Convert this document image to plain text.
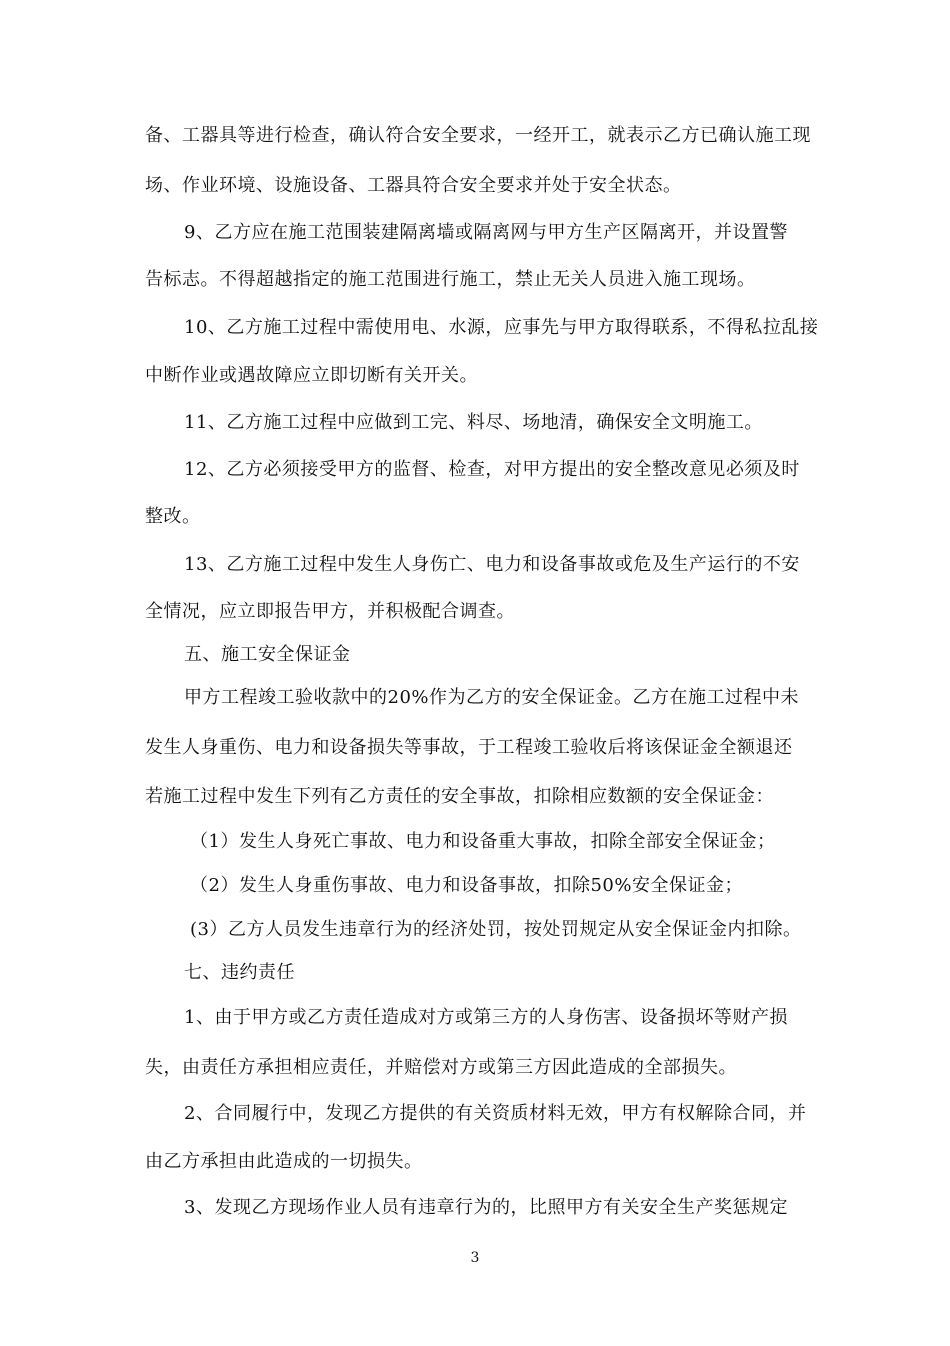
备、工器具等进行检查，确认符合安全要求，一经开工，就表示乙方已确认施工现
场、作业环境、设施设备、工器具符合安全要求并处于安全状态。
9、乙方应在施工范围装建隔离墙或隔离网与甲方生产区隔离开，并设置警
告标志。不得超越指定的施工范围进行施工，禁止无关人员进入施工现场。
10、乙方施工过程中需使用电、水源，应事先与甲方取得联系，不得私拉乱接
中断作业或遇故障应立即切断有关开关。
11、乙方施工过程中应做到工完、料尽、场地清，确保安全文明施工。
12、乙方必须接受甲方的监督、检查，对甲方提出的安全整改意见必须及时
整改。
13、乙方施工过程中发生人身伤亡、电力和设备事故或危及生产运行的不安
全情况，应立即报告甲方，并积极配合调查。
五、施工安全保证金
甲方工程竣工验收款中的20%作为乙方的安全保证金。乙方在施工过程中未
发生人身重伤、电力和设备损失等事故，于工程竣工验收后将该保证金全额退还
若施工过程中发生下列有乙方责任的安全事故，扣除相应数额的安全保证金：
（1）发生人身死亡事故、电力和设备重大事故，扣除全部安全保证金；
（2）发生人身重伤事故、电力和设备事故，扣除50%安全保证金；
(3）乙方人员发生违章行为的经济处罚，按处罚规定从安全保证金内扣除。
七、违约责任
1、由于甲方或乙方责任造成对方或第三方的人身伤害、设备损坏等财产损
失，由责任方承担相应责任，并赔偿对方或第三方因此造成的全部损失。
2、合同履行中，发现乙方提供的有关资质材料无效，甲方有权解除合同，并
由乙方承担由此造成的一切损失。
3、发现乙方现场作业人员有违章行为的，比照甲方有关安全生产奖惩规定
3
